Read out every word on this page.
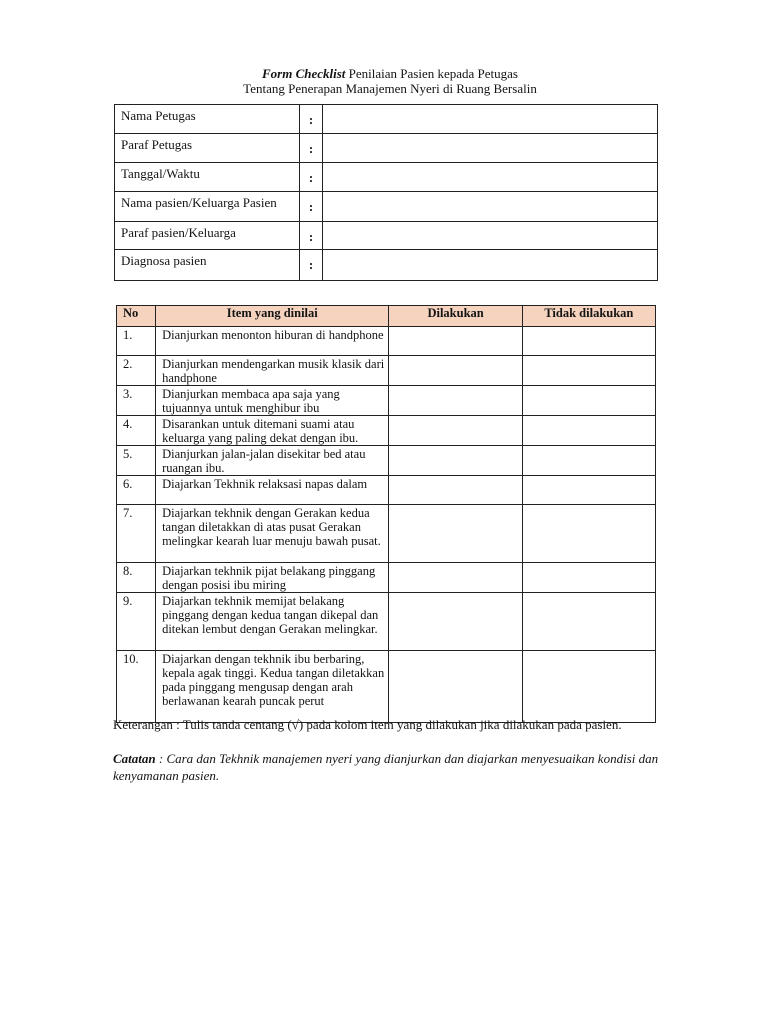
Form Checklist Penilaian Pasien kepada Petugas
Tentang Penerapan Manajemen Nyeri di Ruang Bersalin
Nama Petugas	:	
Paraf Petugas	:	
Tanggal/Waktu	:	
Nama pasien/Keluarga Pasien	:	
Paraf pasien/Keluarga	:	
Diagnosa pasien	:	
No	Item yang dinilai	Dilakukan	Tidak dilakukan
1.	Dianjurkan menonton hiburan di handphone		
2.	Dianjurkan mendengarkan musik klasik dari handphone		
3.	Dianjurkan membaca apa saja yang tujuannya untuk menghibur ibu		
4.	Disarankan untuk ditemani suami atau keluarga yang paling dekat dengan ibu.		
5.	Dianjurkan jalan-jalan disekitar bed atau ruangan ibu.		
6.	Diajarkan Tekhnik relaksasi napas dalam		
7.	Diajarkan tekhnik dengan Gerakan kedua tangan diletakkan di atas pusat Gerakan melingkar kearah luar menuju bawah pusat.		
8.	Diajarkan tekhnik pijat belakang pinggang dengan posisi ibu miring		
9.	Diajarkan tekhnik memijat belakang pinggang dengan kedua tangan dikepal dan ditekan lembut dengan Gerakan melingkar.		
10.	Diajarkan dengan tekhnik ibu berbaring, kepala agak tinggi. Kedua tangan diletakkan pada pinggang mengusap dengan arah berlawanan kearah puncak perut		
Keterangan : Tulis tanda centang (√) pada kolom item yang dilakukan jika dilakukan pada pasien.
Catatan : Cara dan Tekhnik manajemen nyeri yang dianjurkan dan diajarkan menyesuaikan kondisi dan kenyamanan pasien.
